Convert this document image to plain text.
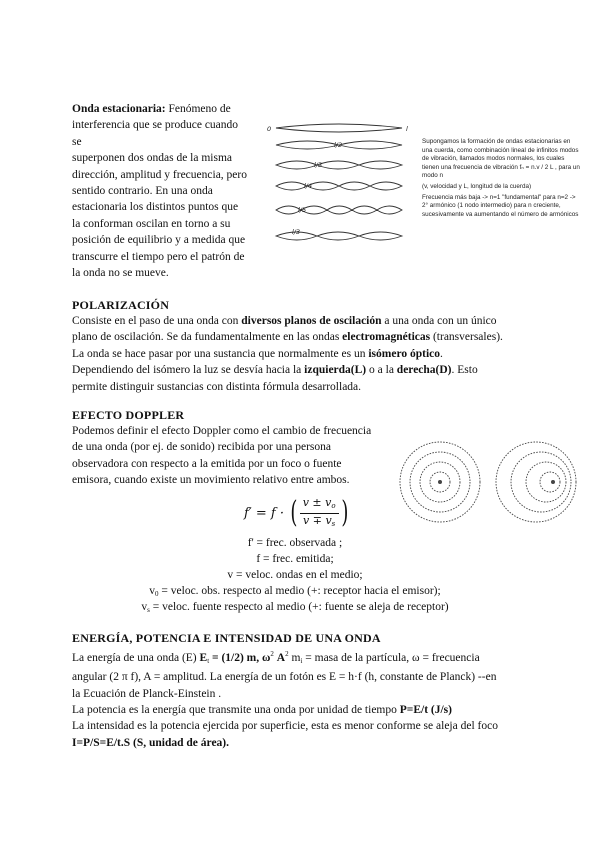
Onda estacionaria: Fenómeno de
interferencia que se produce cuando
se
superponen dos ondas de la misma
dirección, amplitud y frecuencia, pero
sentido contrario. En una onda
estacionaria los distintos puntos que
la conforman oscilan en torno a su
posición de equilibrio y a medida que
transcurre el tiempo pero el patrón de
la onda no se mueve.
0	l
l/2
l/3
l/4
l/5
l/3
Supongamos la formación de ondas estacionarias en una cuerda, como combinación lineal de infinitos modos de vibración, llamados modos normales, los cuales tienen una frecuencia de vibración fₙ = n.v / 2 L , para un modo n
(v, velocidad y L, longitud de la cuerda)
Frecuencia más baja -> n=1 "fundamental" para n=2 -> 2° armónico (1 nodo intermedio) para n creciente, sucesivamente va aumentando el número de armónicos
POLARIZACIÓN
Consiste en el paso de una onda con diversos planos de oscilación a una onda con un único
plano de oscilación. Se da fundamentalmente en las ondas electromagnéticas (transversales).
La onda se hace pasar por una sustancia que normalmente es un isómero óptico.
Dependiendo del isómero la luz se desvía hacia la izquierda(L) o a la derecha(D). Esto
permite distinguir sustancias con distinta fórmula desarrollada.
EFECTO DOPPLER
Podemos definir el efecto Doppler como el cambio de frecuencia
de una onda (por ej. de sonido) recibida por una persona
observadora con respecto a la emitida por un foco o fuente
emisora, cuando existe un movimiento relativo entre ambos.
f′ = f · ( $\frac{v \pm v_o}{v \mp v_s}$ )
f' = frec. observada ;
f = frec. emitida;
v = veloc. ondas en el medio;
$v_0$ = veloc. obs. respecto al medio (+: receptor hacia el emisor);
$v_s$ = veloc. fuente respecto al medio (+: fuente se aleja de receptor)
ENERGÍA, POTENCIA E INTENSIDAD DE UNA ONDA
La energía de una onda (E) $E_t = (1/2)$ m, $\omega^2$ $A^2$ $m_i$ = masa de la partícula, ω = frecuencia
angular (2 π f), A = amplitud. La energía de un fotón es E = h·f (h, constante de Planck) --en
la Ecuación de Planck-Einstein .
La potencia es la energía que transmite una onda por unidad de tiempo P=E/t (J/s)
La intensidad es la potencia ejercida por superficie, esta es menor conforme se aleja del foco
I=P/S=E/t.S (S, unidad de área).
